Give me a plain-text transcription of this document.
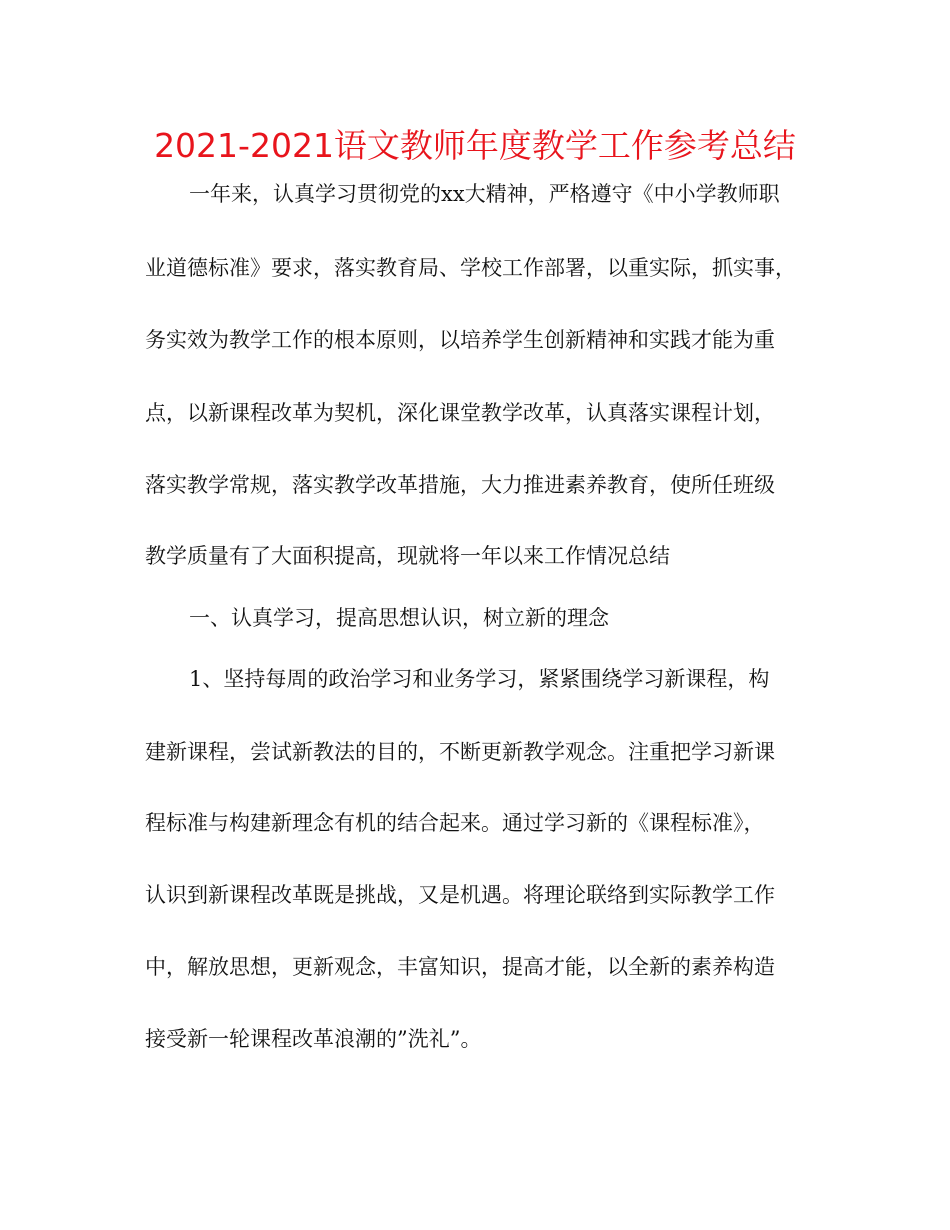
2021-2021语文教师年度教学工作参考总结
一年来，认真学习贯彻党的xx大精神，严格遵守《中小学教师职
业道德标准》要求，落实教育局、学校工作部署，以重实际，抓实事，
务实效为教学工作的根本原则，以培养学生创新精神和实践才能为重
点，以新课程改革为契机，深化课堂教学改革，认真落实课程计划，
落实教学常规，落实教学改革措施，大力推进素养教育，使所任班级
教学质量有了大面积提高，现就将一年以来工作情况总结
一、认真学习，提高思想认识，树立新的理念
1、坚持每周的政治学习和业务学习，紧紧围绕学习新课程，构
建新课程，尝试新教法的目的，不断更新教学观念。注重把学习新课
程标准与构建新理念有机的结合起来。通过学习新的《课程标准》，
认识到新课程改革既是挑战，又是机遇。将理论联络到实际教学工作
中，解放思想，更新观念，丰富知识，提高才能，以全新的素养构造
接受新一轮课程改革浪潮的”洗礼”。
